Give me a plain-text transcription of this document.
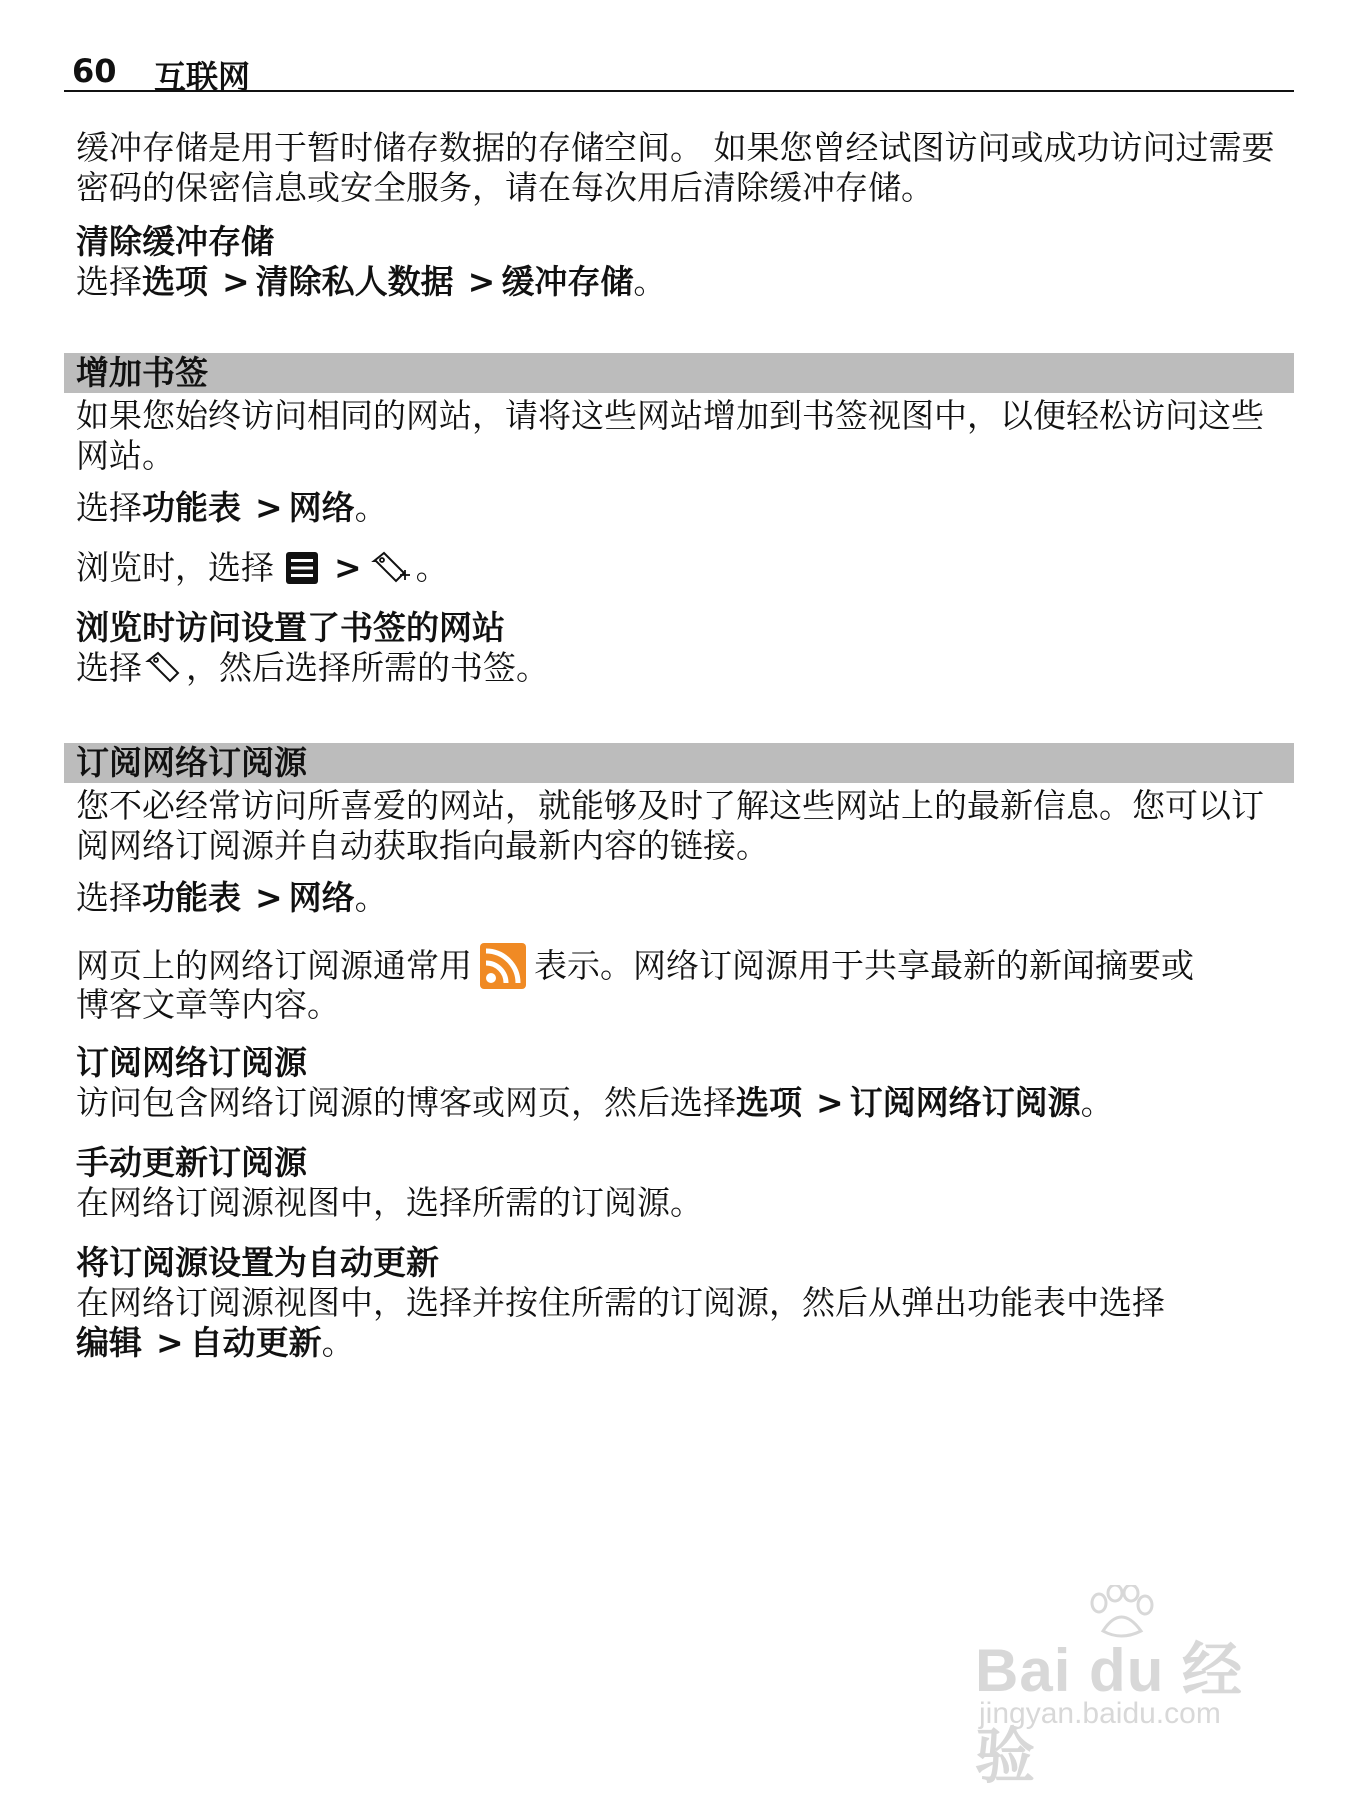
60 互联网

缓冲存储是用于暂时储存数据的存储空间。 如果您曾经试图访问或成功访问过需要密码的保密信息或安全服务，请在每次用后清除缓冲存储。

清除缓冲存储
选择 选项 > 清除私人数据 > 缓冲存储 。
增加书签

如果您始终访问相同的网站，请将这些网站增加到书签视图中，以便轻松访问这些网站。

选择 功能表 > 网络 。
浏览时，选择 > 。
浏览时访问设置了书签的网站
选择 ，然后选择所需的书签。
订阅网络订阅源

您不必经常访问所喜爱的网站，就能够及时了解这些网站上的最新信息。您可以订阅网络订阅源并自动获取指向最新内容的链接。

选择 功能表 > 网络 。
网页上的网络订阅源通常用 表示。网络订阅源用于共享最新的新闻摘要或
博客文章等内容。
订阅网络订阅源
访问包含网络订阅源的博客或网页，然后选择 选项 > 订阅网络订阅源 。
手动更新订阅源
在网络订阅源视图中，选择所需的订阅源。
将订阅源设置为自动更新
在网络订阅源视图中，选择并按住所需的订阅源，然后从弹出功能表中选择
编辑 > 自动更新 。
Bai du 经验
jingyan.baidu.com
